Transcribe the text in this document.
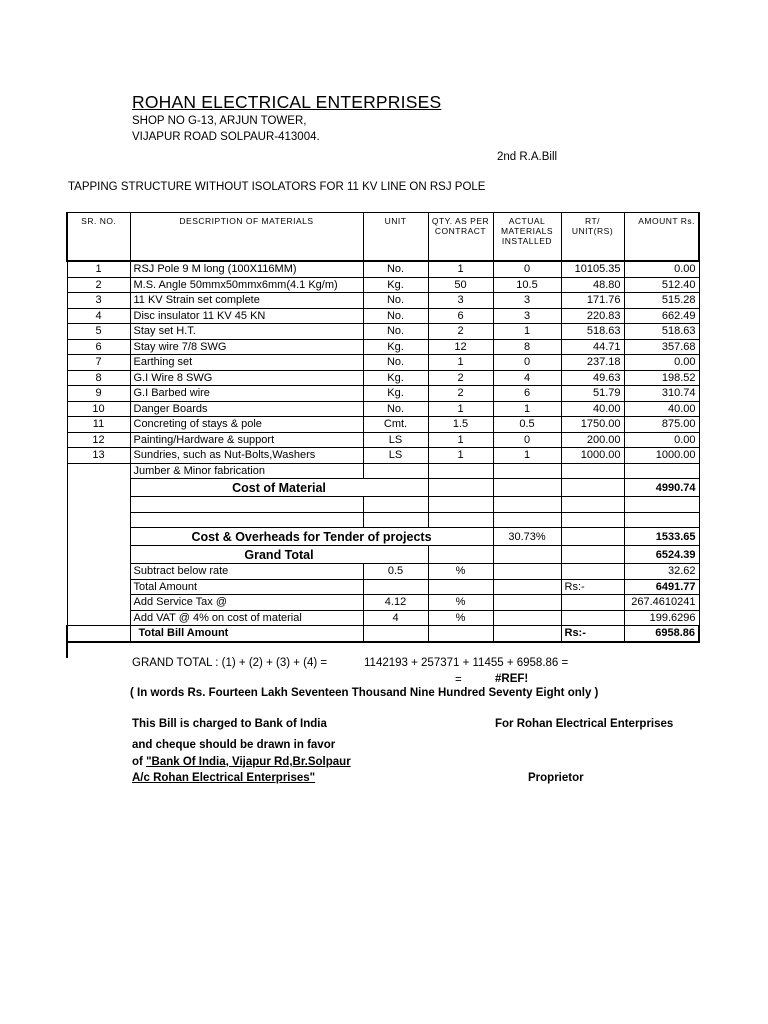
ROHAN ELECTRICAL ENTERPRISES
SHOP NO G-13, ARJUN TOWER,
VIJAPUR ROAD SOLPAUR-413004.
2nd R.A.Bill
TAPPING STRUCTURE WITHOUT ISOLATORS FOR 11 KV LINE ON RSJ POLE
SR. NO.	DESCRIPTION OF MATERIALS	UNIT	QTY. AS PER CONTRACT	ACTUAL MATERIALS INSTALLED	RT/ UNIT(RS)	AMOUNT Rs.
1	RSJ Pole 9 M long (100X116MM)	No.	1	0	10105.35	0.00
2	M.S. Angle 50mmx50mmx6mm(4.1 Kg/m)	Kg.	50	10.5	48.80	512.40
3	11 KV Strain set complete	No.	3	3	171.76	515.28
4	Disc insulator 11 KV 45 KN	No.	6	3	220.83	662.49
5	Stay set H.T.	No.	2	1	518.63	518.63
6	Stay wire 7/8 SWG	Kg.	12	8	44.71	357.68
7	Earthing set	No.	1	0	237.18	0.00
8	G.I Wire 8 SWG	Kg.	2	4	49.63	198.52
9	G.I Barbed wire	Kg.	2	6	51.79	310.74
10	Danger Boards	No.	1	1	40.00	40.00
11	Concreting of stays & pole	Cmt.	1.5	0.5	1750.00	875.00
12	Painting/Hardware & support	LS	1	0	200.00	0.00
13	Sundries, such as Nut-Bolts,Washers	LS	1	1	1000.00	1000.00
	Jumber & Minor fabrication					
	Cost of Material					4990.74

	Cost & Overheads for Tender of projects			30.73%		1533.65
	Grand Total					6524.39
	Subtract below rate	0.5	%			32.62
	Total Amount				Rs:-	6491.77
	Add Service Tax @	4.12	%			267.4610241
	Add VAT @ 4% on cost of material	4	%			199.6296
	Total Bill Amount				Rs:-	6958.86
GRAND TOTAL : (1) + (2) + (3) + (4) =	1142193 + 257371 + 11455 + 6958.86 =
=	#REF!
( In words Rs. Fourteen Lakh Seventeen Thousand Nine Hundred Seventy Eight only )
This Bill is charged to Bank of India
and cheque should be drawn in favor
of "Bank Of India, Vijapur Rd,Br.Solpaur
A/c Rohan Electrical Enterprises"
For Rohan Electrical Enterprises
Proprietor
